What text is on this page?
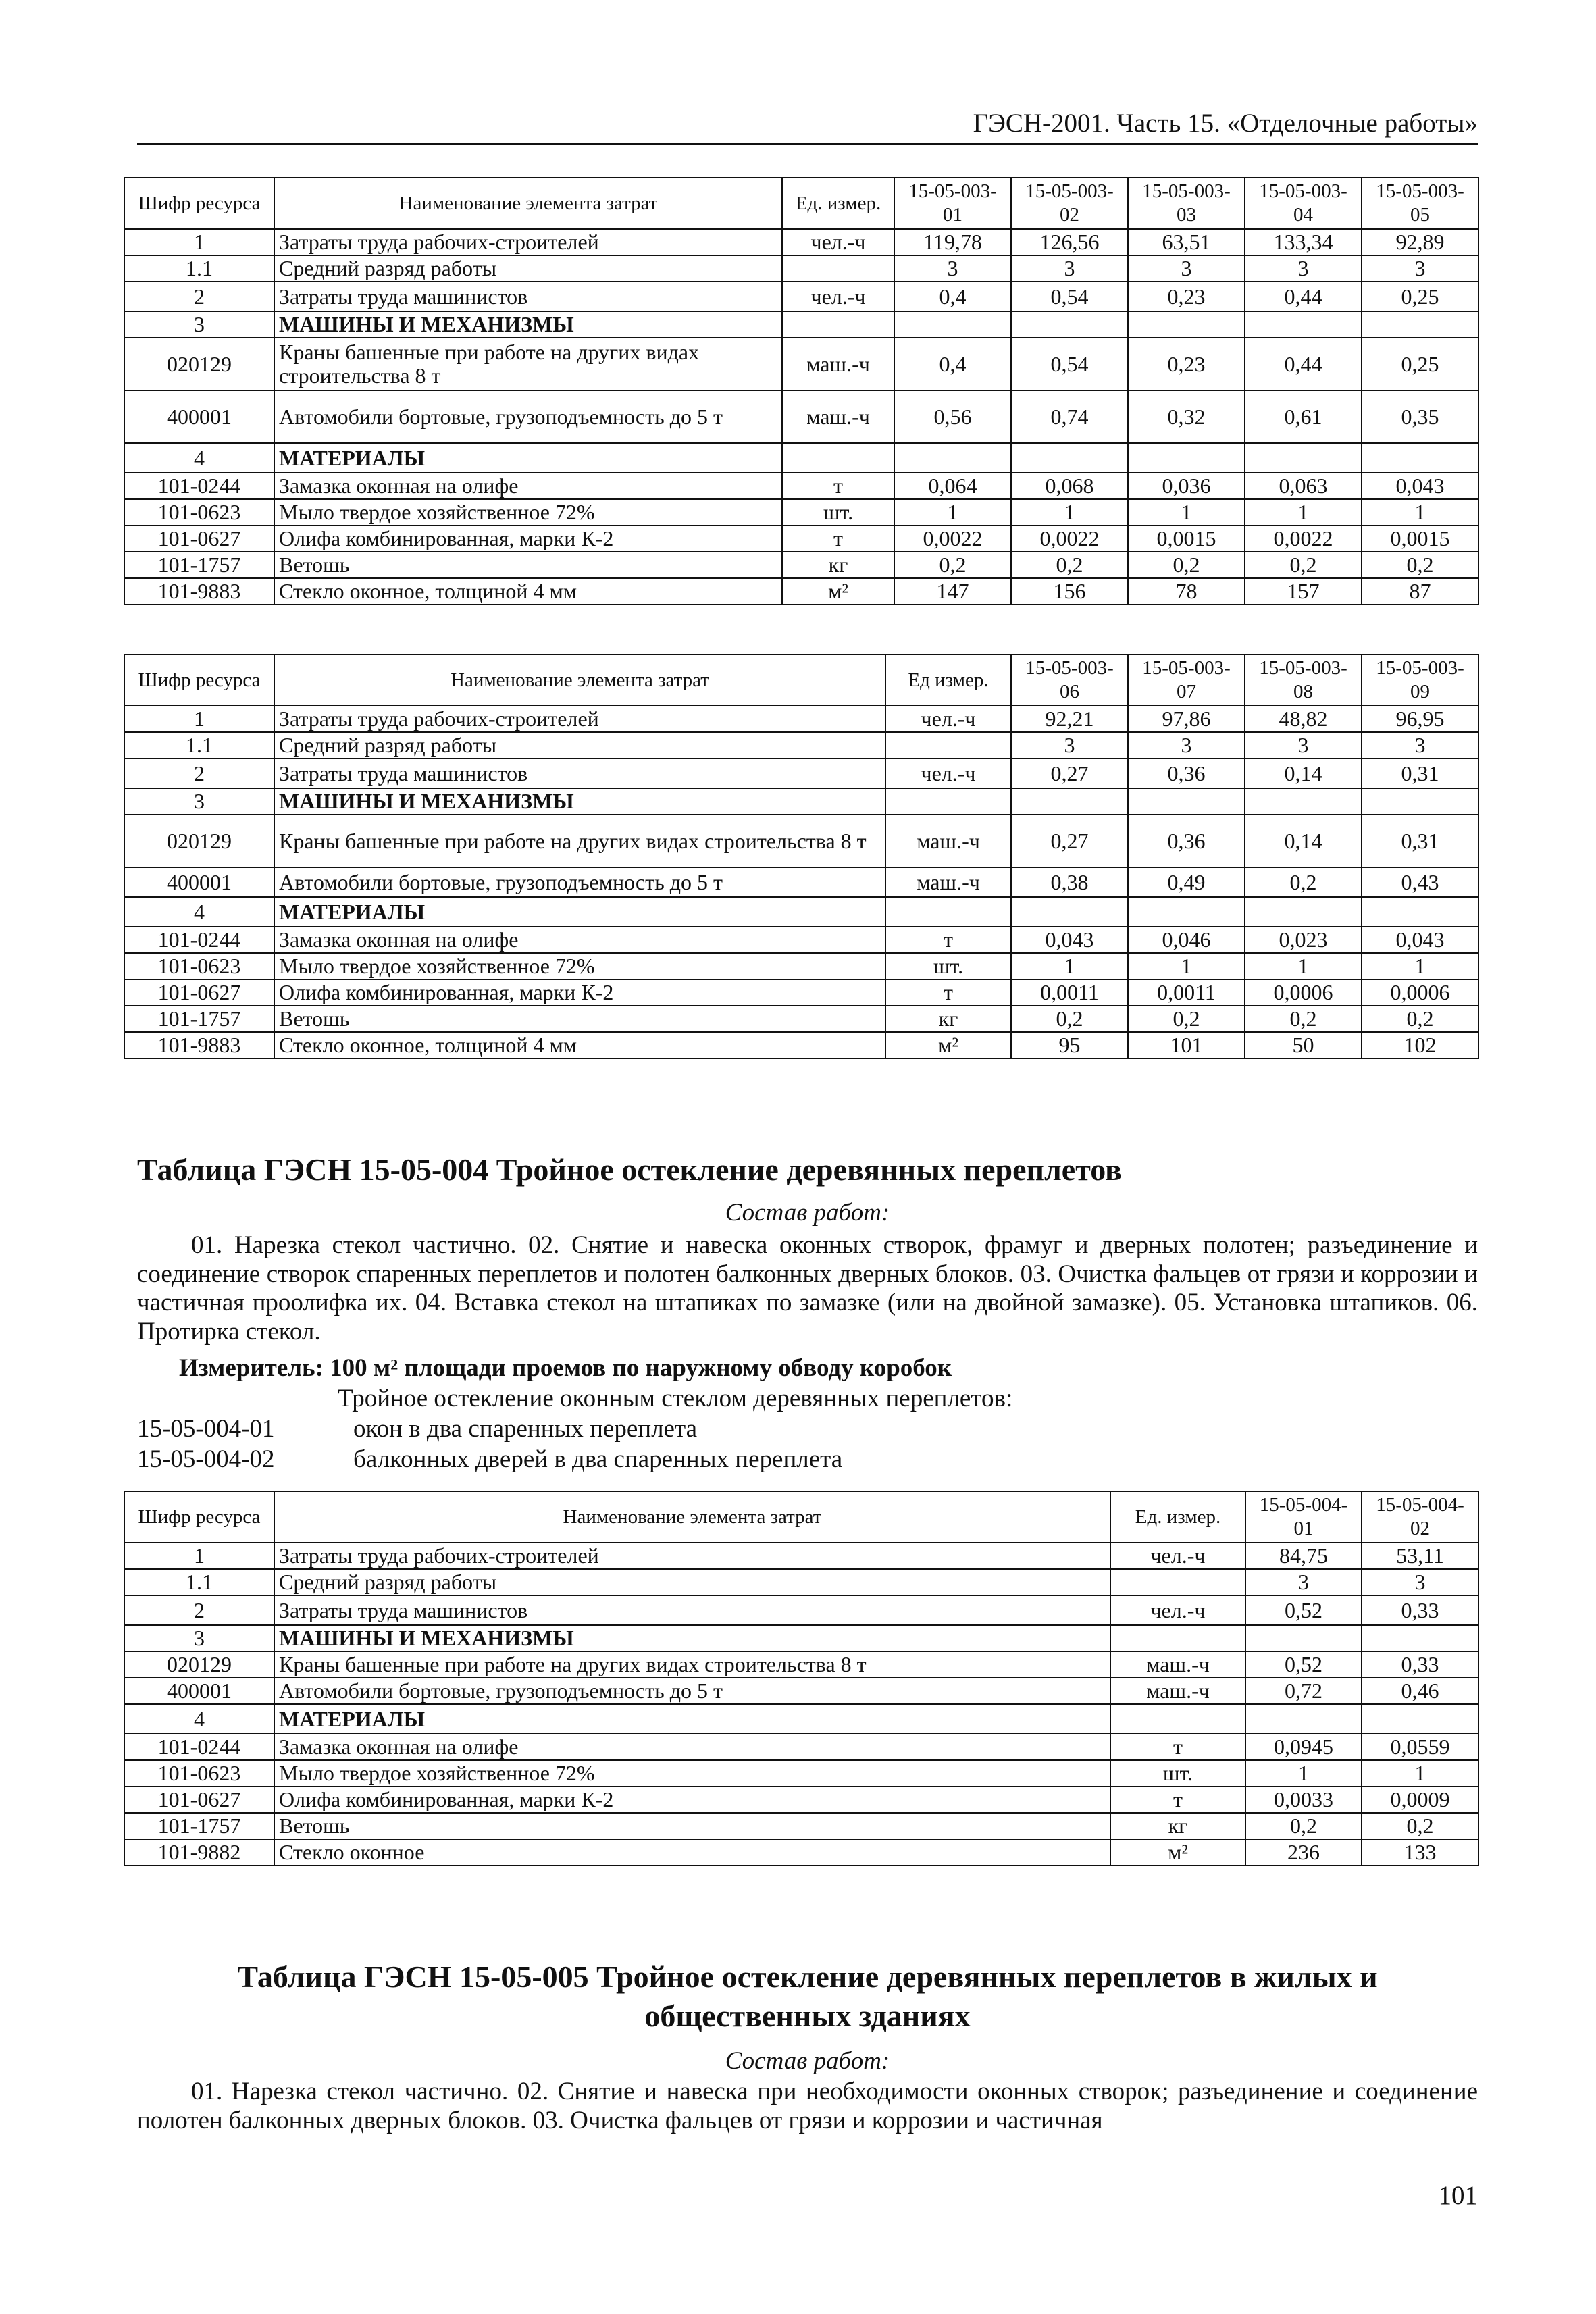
ГЭСН-2001. Часть 15. «Отделочные работы»
Шифр ресурса	Наименование элемента затрат	Ед. измер.	15-05-003-01	15-05-003-02	15-05-003-03	15-05-003-04	15-05-003-05
1	Затраты труда рабочих-строителей	чел.-ч	119,78	126,56	63,51	133,34	92,89
1.1	Средний разряд работы		3	3	3	3	3
2	Затраты труда машинистов	чел.-ч	0,4	0,54	0,23	0,44	0,25
3	МАШИНЫ И МЕХАНИЗМЫ						
020129	Краны башенные при работе на других видах строительства 8 т	маш.-ч	0,4	0,54	0,23	0,44	0,25
400001	Автомобили бортовые, грузоподъемность до 5 т	маш.-ч	0,56	0,74	0,32	0,61	0,35
4	МАТЕРИАЛЫ						
101-0244	Замазка оконная на олифе	т	0,064	0,068	0,036	0,063	0,043
101-0623	Мыло твердое хозяйственное 72%	шт.	1	1	1	1	1
101-0627	Олифа комбинированная, марки К-2	т	0,0022	0,0022	0,0015	0,0022	0,0015
101-1757	Ветошь	кг	0,2	0,2	0,2	0,2	0,2
101-9883	Стекло оконное, толщиной 4 мм	м²	147	156	78	157	87
Шифр ресурса	Наименование элемента затрат	Ед измер.	15-05-003-06	15-05-003-07	15-05-003-08	15-05-003-09
1	Затраты труда рабочих-строителей	чел.-ч	92,21	97,86	48,82	96,95
1.1	Средний разряд работы		3	3	3	3
2	Затраты труда машинистов	чел.-ч	0,27	0,36	0,14	0,31
3	МАШИНЫ И МЕХАНИЗМЫ					
020129	Краны башенные при работе на других видах строительства 8 т	маш.-ч	0,27	0,36	0,14	0,31
400001	Автомобили бортовые, грузоподъемность до 5 т	маш.-ч	0,38	0,49	0,2	0,43
4	МАТЕРИАЛЫ					
101-0244	Замазка оконная на олифе	т	0,043	0,046	0,023	0,043
101-0623	Мыло твердое хозяйственное 72%	шт.	1	1	1	1
101-0627	Олифа комбинированная, марки К-2	т	0,0011	0,0011	0,0006	0,0006
101-1757	Ветошь	кг	0,2	0,2	0,2	0,2
101-9883	Стекло оконное, толщиной 4 мм	м²	95	101	50	102
Таблица ГЭСН 15-05-004 Тройное остекление деревянных переплетов
Состав работ:
01. Нарезка стекол частично. 02. Снятие и навеска оконных створок, фрамуг и дверных полотен; разъединение и соединение створок спаренных переплетов и полотен балконных дверных блоков. 03. Очистка фальцев от грязи и коррозии и частичная проолифка их. 04. Вставка стекол на штапиках по замазке (или на двойной замазке). 05. Установка штапиков. 06. Протирка стекол.
Измеритель: 100 м² площади проемов по наружному обводу коробок
Тройное остекление оконным стеклом деревянных переплетов:
15-05-004-01	окон в два спаренных переплета
15-05-004-02	балконных дверей в два спаренных переплета
Шифр ресурса	Наименование элемента затрат	Ед. измер.	15-05-004-01	15-05-004-02
1	Затраты труда рабочих-строителей	чел.-ч	84,75	53,11
1.1	Средний разряд работы		3	3
2	Затраты труда машинистов	чел.-ч	0,52	0,33
3	МАШИНЫ И МЕХАНИЗМЫ			
020129	Краны башенные при работе на других видах строительства 8 т	маш.-ч	0,52	0,33
400001	Автомобили бортовые, грузоподъемность до 5 т	маш.-ч	0,72	0,46
4	МАТЕРИАЛЫ			
101-0244	Замазка оконная на олифе	т	0,0945	0,0559
101-0623	Мыло твердое хозяйственное 72%	шт.	1	1
101-0627	Олифа комбинированная, марки К-2	т	0,0033	0,0009
101-1757	Ветошь	кг	0,2	0,2
101-9882	Стекло оконное	м²	236	133
Таблица ГЭСН 15-05-005 Тройное остекление деревянных переплетов в жилых и общественных зданиях
Состав работ:
01. Нарезка стекол частично. 02. Снятие и навеска при необходимости оконных створок; разъединение и соединение полотен балконных дверных блоков. 03. Очистка фальцев от грязи и коррозии и частичная
101
